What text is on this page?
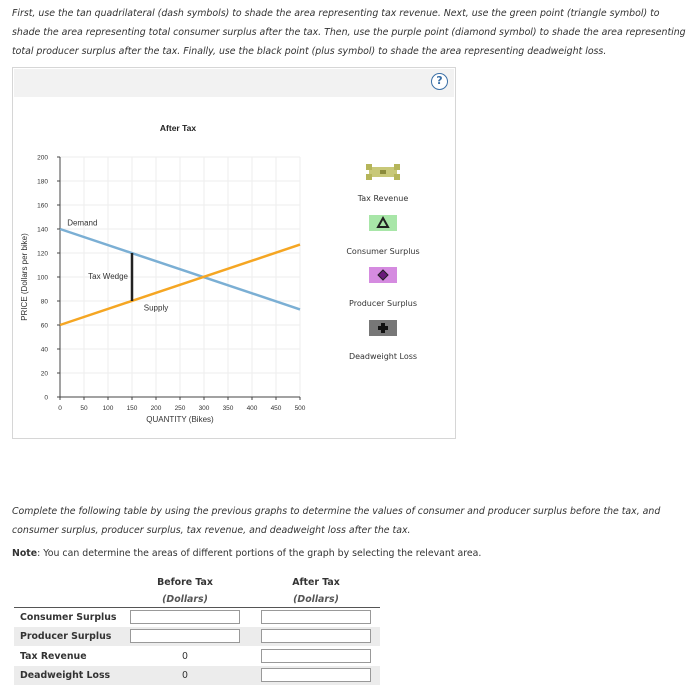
First, use the tan quadrilateral (dash symbols) to shade the area representing tax revenue. Next, use the green point (triangle symbol) to shade the area representing total consumer surplus after the tax. Then, use the purple point (diamond symbol) to shade the area representing total producer surplus after the tax. Finally, use the black point (plus symbol) to shade the area representing deadweight loss.
?
0
20
40
60
80
100
120
140
160
180
200
0	50 100 150 200 250 300 350 400 450 500
QUANTITY (Bikes)
PRICE (Dollars per bike)
After Tax
Demand
Supply
Tax Wedge
Tax Revenue
Consumer Surplus
Producer Surplus
Deadweight Loss
Complete the following table by using the previous graphs to determine the values of consumer and producer surplus before the tax, and consumer surplus, producer surplus, tax revenue, and deadweight loss after the tax.
Note: You can determine the areas of different portions of the graph by selecting the relevant area.
Before Tax
(Dollars)
After Tax
(Dollars)
Consumer Surplus
Producer Surplus
Tax Revenue	0
Deadweight Loss	0
